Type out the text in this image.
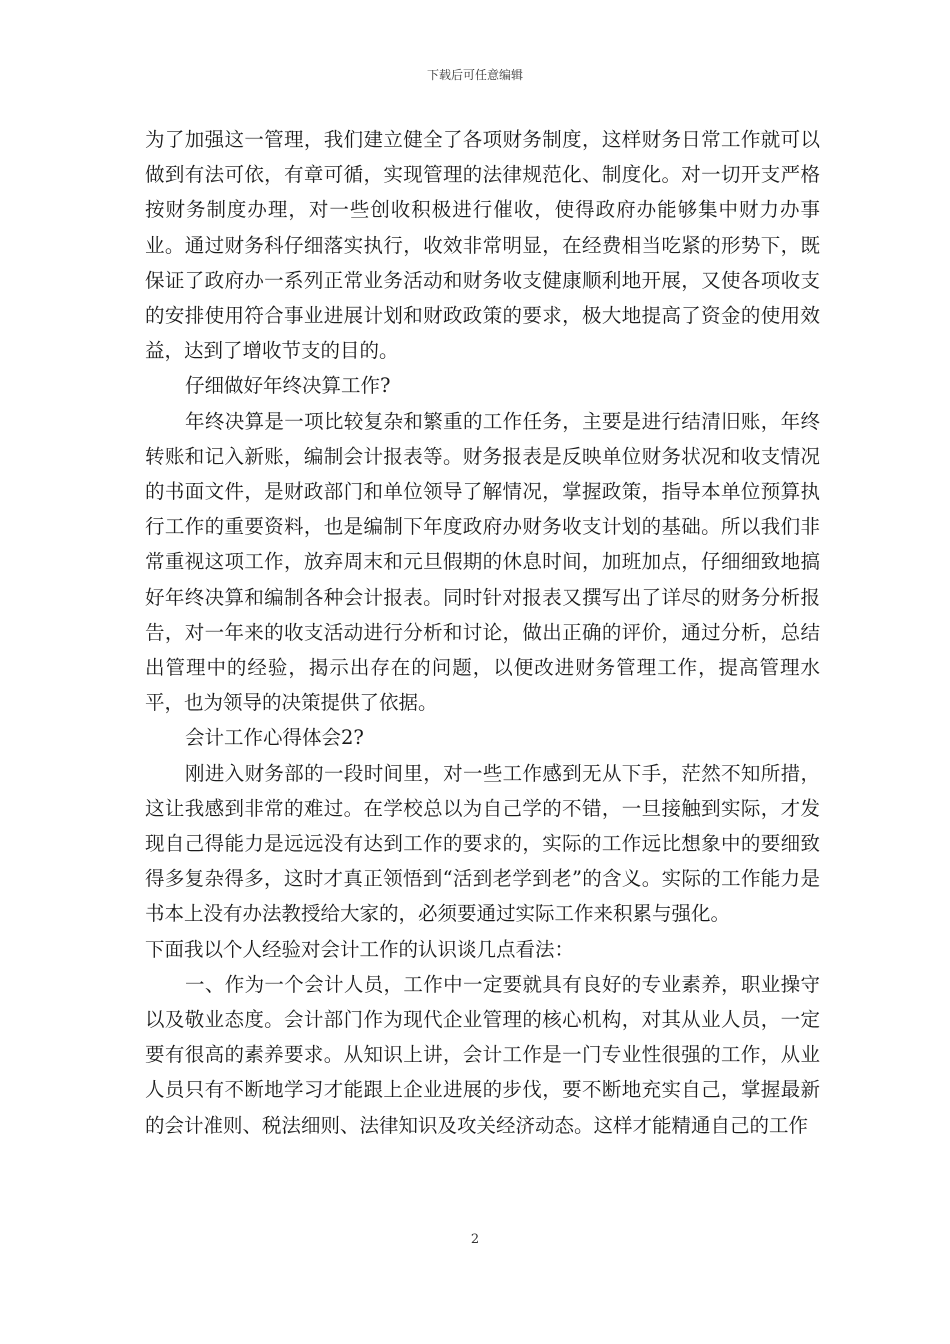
下载后可任意编辑

为了加强这一管理，我们建立健全了各项财务制度，这样财务日常工作就可以做到有法可依，有章可循，实现管理的法律规范化、制度化。对一切开支严格按财务制度办理，对一些创收积极进行催收，使得政府办能够集中财力办事业。通过财务科仔细落实执行，收效非常明显，在经费相当吃紧的形势下，既保证了政府办一系列正常业务活动和财务收支健康顺利地开展，又使各项收支的安排使用符合事业进展计划和财政政策的要求，极大地提高了资金的使用效益，达到了增收节支的目的。

仔细做好年终决算工作?

年终决算是一项比较复杂和繁重的工作任务，主要是进行结清旧账，年终转账和记入新账，编制会计报表等。财务报表是反映单位财务状况和收支情况的书面文件，是财政部门和单位领导了解情况，掌握政策，指导本单位预算执行工作的重要资料，也是编制下年度政府办财务收支计划的基础。所以我们非常重视这项工作，放弃周末和元旦假期的休息时间，加班加点，仔细细致地搞好年终决算和编制各种会计报表。同时针对报表又撰写出了详尽的财务分析报告，对一年来的收支活动进行分析和讨论，做出正确的评价，通过分析，总结出管理中的经验，揭示出存在的问题，以便改进财务管理工作，提高管理水平，也为领导的决策提供了依据。

会计工作心得体会2?

刚进入财务部的一段时间里，对一些工作感到无从下手，茫然不知所措，这让我感到非常的难过。在学校总以为自己学的不错，一旦接触到实际，才发现自己得能力是远远没有达到工作的要求的，实际的工作远比想象中的要细致得多复杂得多，这时才真正领悟到“活到老学到老”的含义。实际的工作能力是书本上没有办法教授给大家的，必须要通过实际工作来积累与强化。

下面我以个人经验对会计工作的认识谈几点看法：

一、作为一个会计人员，工作中一定要就具有良好的专业素养，职业操守以及敬业态度。会计部门作为现代企业管理的核心机构，对其从业人员，一定要有很高的素养要求。从知识上讲，会计工作是一门专业性很强的工作，从业人员只有不断地学习才能跟上企业进展的步伐，要不断地充实自己，掌握最新的会计准则、税法细则、法律知识及攻关经济动态。这样才能精通自己的工作

2
